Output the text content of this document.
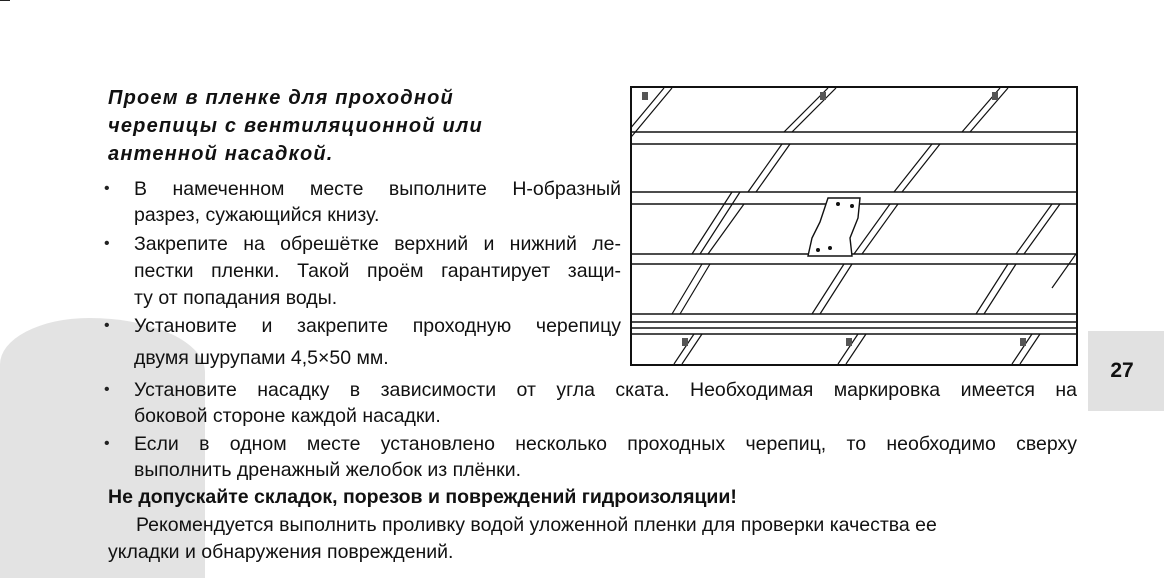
27
Проем в пленке для проходной
черепицы с вентиляционной или
антенной насадкой.
• В намеченном месте выполните Н-образный
разрез, сужающийся книзу.
• Закрепите на обрешётке верхний и нижний ле-
пестки пленки. Такой проём гарантирует защи-
ту от попадания воды.
• Установите и закрепите проходную черепицу
двумя шурупами 4,5×50 мм.
• Установите насадку в зависимости от угла ската. Необходимая маркировка имеется на
боковой стороне каждой насадки.
• Если в одном месте установлено несколько проходных черепиц, то необходимо сверху
выполнить дренажный желобок из плёнки.
Не допускайте складок, порезов и повреждений гидроизоляции!
Рекомендуется выполнить проливку водой уложенной пленки для проверки качества ее
укладки и обнаружения повреждений.
